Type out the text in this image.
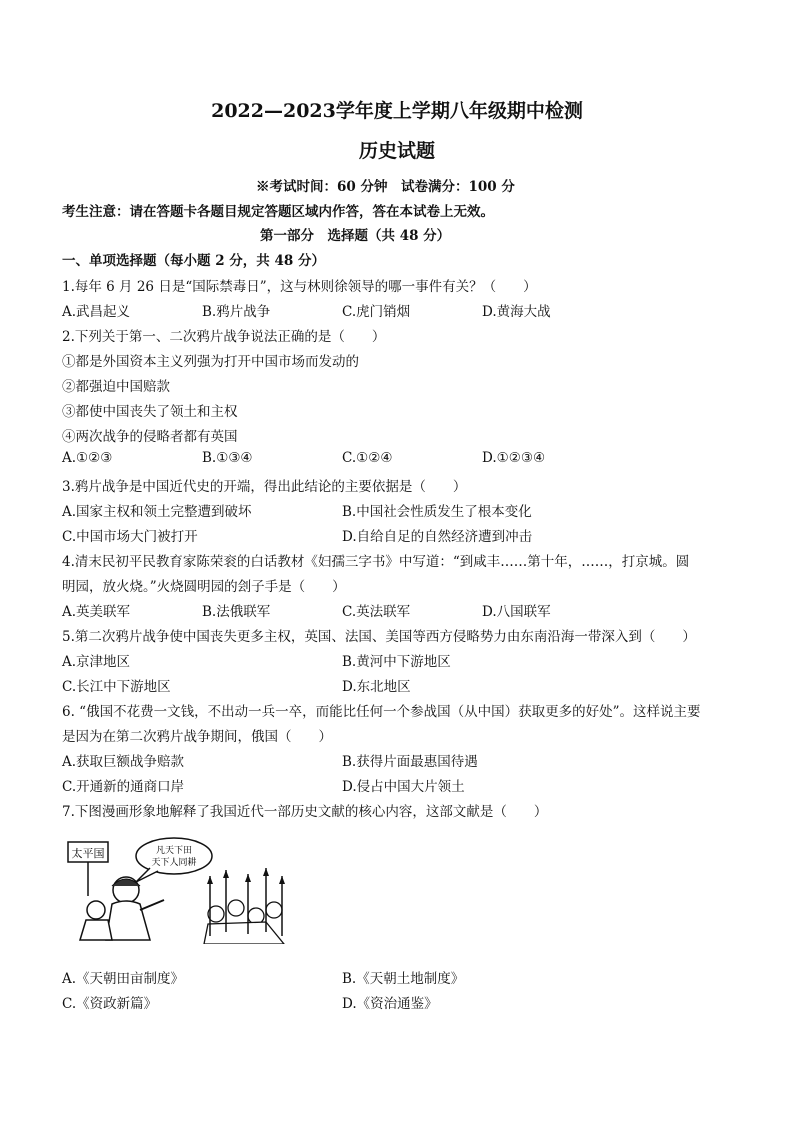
2022—2023学年度上学期八年级期中检测
历史试题
※考试时间：60 分钟　试卷满分：100 分
考生注意：请在答题卡各题目规定答题区域内作答，答在本试卷上无效。
第一部分　选择题（共 48 分）
一、单项选择题（每小题 2 分，共 48 分）
1.每年 6 月 26 日是“国际禁毒日”，这与林则徐领导的哪一事件有关？（　　）
A.武昌起义	B.鸦片战争	C.虎门销烟	D.黄海大战
2.下列关于第一、二次鸦片战争说法正确的是（　　）
①都是外国资本主义列强为打开中国市场而发动的
②都强迫中国赔款
③都使中国丧失了领土和主权
④两次战争的侵略者都有英国
A.①②③	B.①③④	C.①②④	D.①②③④
3.鸦片战争是中国近代史的开端，得出此结论的主要依据是（　　）
A.国家主权和领土完整遭到破坏	B.中国社会性质发生了根本变化
C.中国市场大门被打开	D.自给自足的自然经济遭到冲击
4.清末民初平民教育家陈荣衮的白话教材《妇孺三字书》中写道：“到咸丰……第十年，……，打京城。圆
明园，放火烧。”火烧圆明园的刽子手是（　　）
A.英美联军	B.法俄联军	C.英法联军	D.八国联军
5.第二次鸦片战争使中国丧失更多主权，英国、法国、美国等西方侵略势力由东南沿海一带深入到（　　）
A.京津地区	B.黄河中下游地区
C.长江中下游地区	D.东北地区
6. “俄国不花费一文钱，不出动一兵一卒，而能比任何一个参战国（从中国）获取更多的好处”。这样说主要
是因为在第二次鸦片战争期间，俄国（　　）
A.获取巨额战争赔款	B.获得片面最惠国待遇
C.开通新的通商口岸	D.侵占中国大片领土
7.下图漫画形象地解释了我国近代一部历史文献的核心内容，这部文献是（　　）
太平国	凡天下田
天下人同耕
A.《天朝田亩制度》	B.《天朝土地制度》
C.《资政新篇》	D.《资治通鉴》
